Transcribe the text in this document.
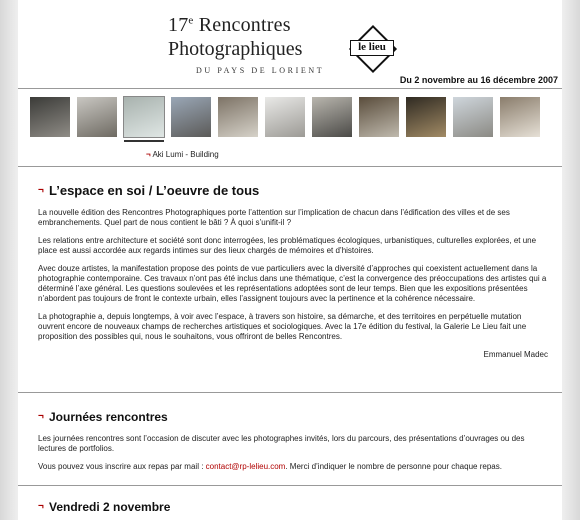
17e Rencontres
Photographiques
DU PAYS DE LORIENT
le lieu
Du 2 novembre au 16 décembre 2007
¬ Aki Lumi - Building
¬ L’espace en soi / L’oeuvre de tous

La nouvelle édition des Rencontres Photographiques porte l’attention sur l’implication de chacun dans l’édification des villes et de ses embranchements. Quel part de nous contient le bâti ? À quoi s’unifit-il ?

Les relations entre architecture et société sont donc interrogées, les problématiques écologiques, urbanistiques, culturelles explorées, et une place est aussi accordée aux regards intimes sur des lieux chargés de mémoires et d’histoires.

Avec douze artistes, la manifestation propose des points de vue particuliers avec la diversité d’approches qui coexistent actuellement dans la photographie contemporaine. Ces travaux n’ont pas été inclus dans une thématique, c’est la convergence des préoccupations des artistes qui a déterminé l’axe général. Les questions soulevées et les représentations adoptées sont de leur temps. Bien que les expositions présentées n’abordent pas toujours de front le contexte urbain, elles l’assignent toujours avec la pertinence et la cohérence nécessaire.

La photographie a, depuis longtemps, à voir avec l’espace, à travers son histoire, sa démarche, et des territoires en perpétuelle mutation ouvrent encore de nouveaux champs de recherches artistiques et sociologiques. Avec la 17e édition du festival, la Galerie Le Lieu fait une proposition des possibles qui, nous le souhaitons, vous offriront de belles Rencontres.

Emmanuel Madec

¬ Journées rencontres

Les journées rencontres sont l’occasion de discuter avec les photographes invités, lors du parcours, des présentations d’ouvrages ou des lectures de portfolios.

Vous pouvez vous inscrire aux repas par mail : contact@rp-lelieu.com. Merci d’indiquer le nombre de personne pour chaque repas.

¬ Vendredi 2 novembre
